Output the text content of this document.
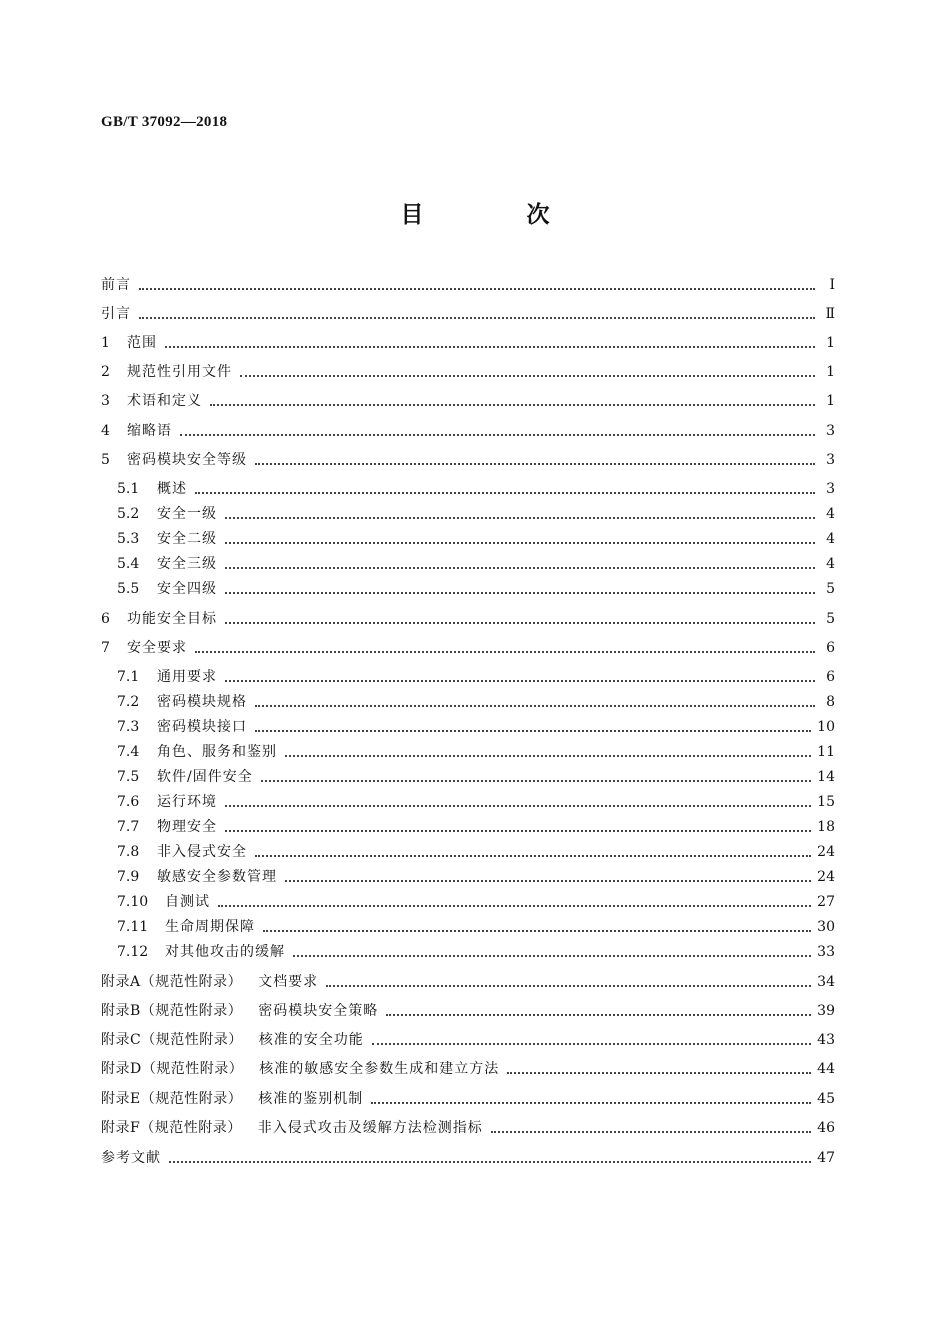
GB/T 37092—2018
目　次
前言	Ⅰ
引言	Ⅱ
1	范围	1
2	规范性引用文件	1
3	术语和定义	1
4	缩略语	3
5	密码模块安全等级	3
5.1	概述	3
5.2	安全一级	4
5.3	安全二级	4
5.4	安全三级	4
5.5	安全四级	5
6	功能安全目标	5
7	安全要求	6
7.1	通用要求	6
7.2	密码模块规格	8
7.3	密码模块接口	10
7.4	角色、服务和鉴别	11
7.5	软件/固件安全	14
7.6	运行环境	15
7.7	物理安全	18
7.8	非入侵式安全	24
7.9	敏感安全参数管理	24
7.10	自测试	27
7.11	生命周期保障	30
7.12	对其他攻击的缓解	33
附录A（规范性附录） 文档要求	34
附录B（规范性附录） 密码模块安全策略	39
附录C（规范性附录） 核准的安全功能	43
附录D（规范性附录） 核准的敏感安全参数生成和建立方法	44
附录E（规范性附录） 核准的鉴别机制	45
附录F（规范性附录） 非入侵式攻击及缓解方法检测指标	46
参考文献	47
